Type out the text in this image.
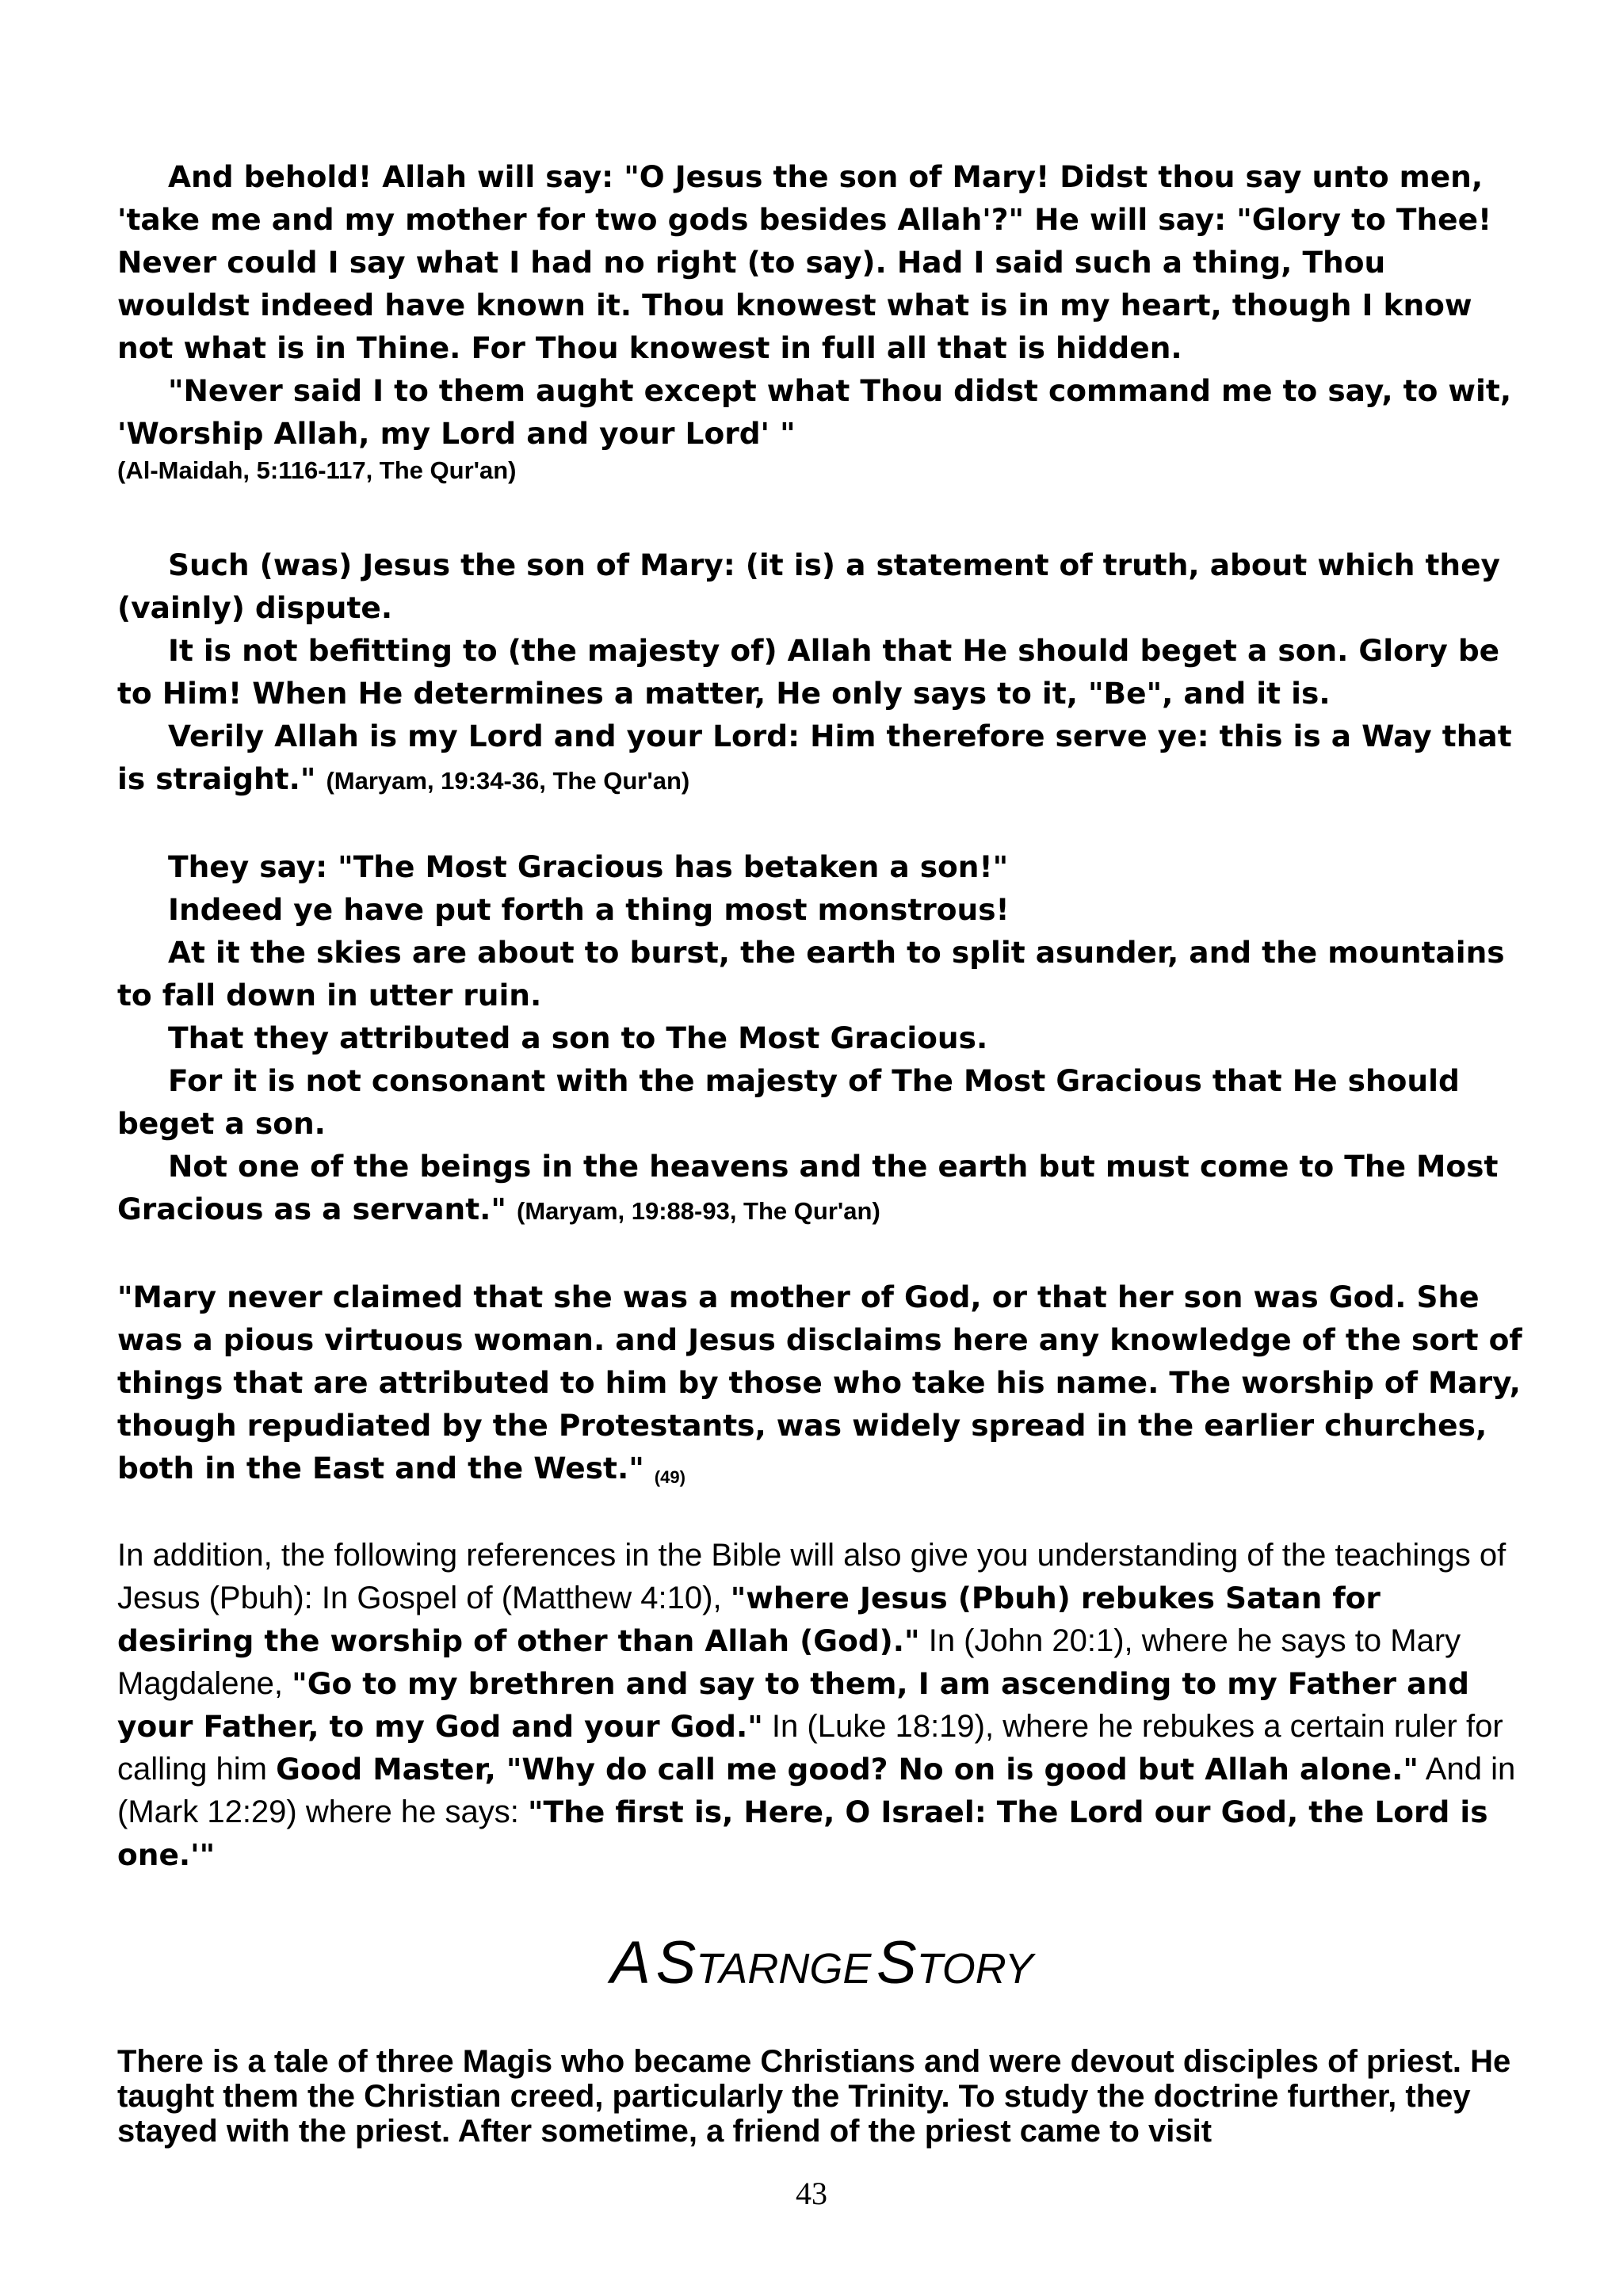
And behold! Allah will say: "O Jesus the son of Mary! Didst thou say unto men, 'take me and my mother for two gods besides Allah'?" He will say: "Glory to Thee! Never could I say what I had no right (to say). Had I said such a thing, Thou wouldst indeed have known it. Thou knowest what is in my heart, though I know not what is in Thine. For Thou knowest in full all that is hidden.

"Never said I to them aught except what Thou didst command me to say, to wit, 'Worship Allah, my Lord and your Lord' "

(Al-Maidah, 5:116-117, The Qur'an)

Such (was) Jesus the son of Mary: (it is) a statement of truth, about which they (vainly) dispute.

It is not befitting to (the majesty of) Allah that He should beget a son. Glory be to Him! When He determines a matter, He only says to it, "Be", and it is.

Verily Allah is my Lord and your Lord: Him therefore serve ye: this is a Way that is straight." (Maryam, 19:34-36, The Qur'an)

They say: "The Most Gracious has betaken a son!"

Indeed ye have put forth a thing most monstrous!

At it the skies are about to burst, the earth to split asunder, and the mountains to fall down in utter ruin.

That they attributed a son to The Most Gracious.

For it is not consonant with the majesty of The Most Gracious that He should beget a son.

Not one of the beings in the heavens and the earth but must come to The Most Gracious as a servant." (Maryam, 19:88-93, The Qur'an)

"Mary never claimed that she was a mother of God, or that her son was God. She was a pious virtuous woman. and Jesus disclaims here any knowledge of the sort of things that are attributed to him by those who take his name. The worship of Mary, though repudiated by the Protestants, was widely spread in the earlier churches, both in the East and the West." (49)

In addition, the following references in the Bible will also give you understanding of the teachings of Jesus (Pbuh): In Gospel of (Matthew 4:10), "where Jesus (Pbuh) rebukes Satan for desiring the worship of other than Allah (God)." In (John 20:1), where he says to Mary Magdalene, "Go to my brethren and say to them, I am ascending to my Father and your Father, to my God and your God." In (Luke 18:19), where he rebukes a certain ruler for calling him Good Master, "Why do call me good? No on is good but Allah alone." And in (Mark 12:29) where he says: "The first is, Here, O Israel: The Lord our God, the Lord is one.'"

A STARNGE STORY

There is a tale of three Magis who became Christians and were devout disciples of priest. He taught them the Christian creed, particularly the Trinity. To study the doctrine further, they stayed with the priest. After sometime, a friend of the priest came to visit

43
